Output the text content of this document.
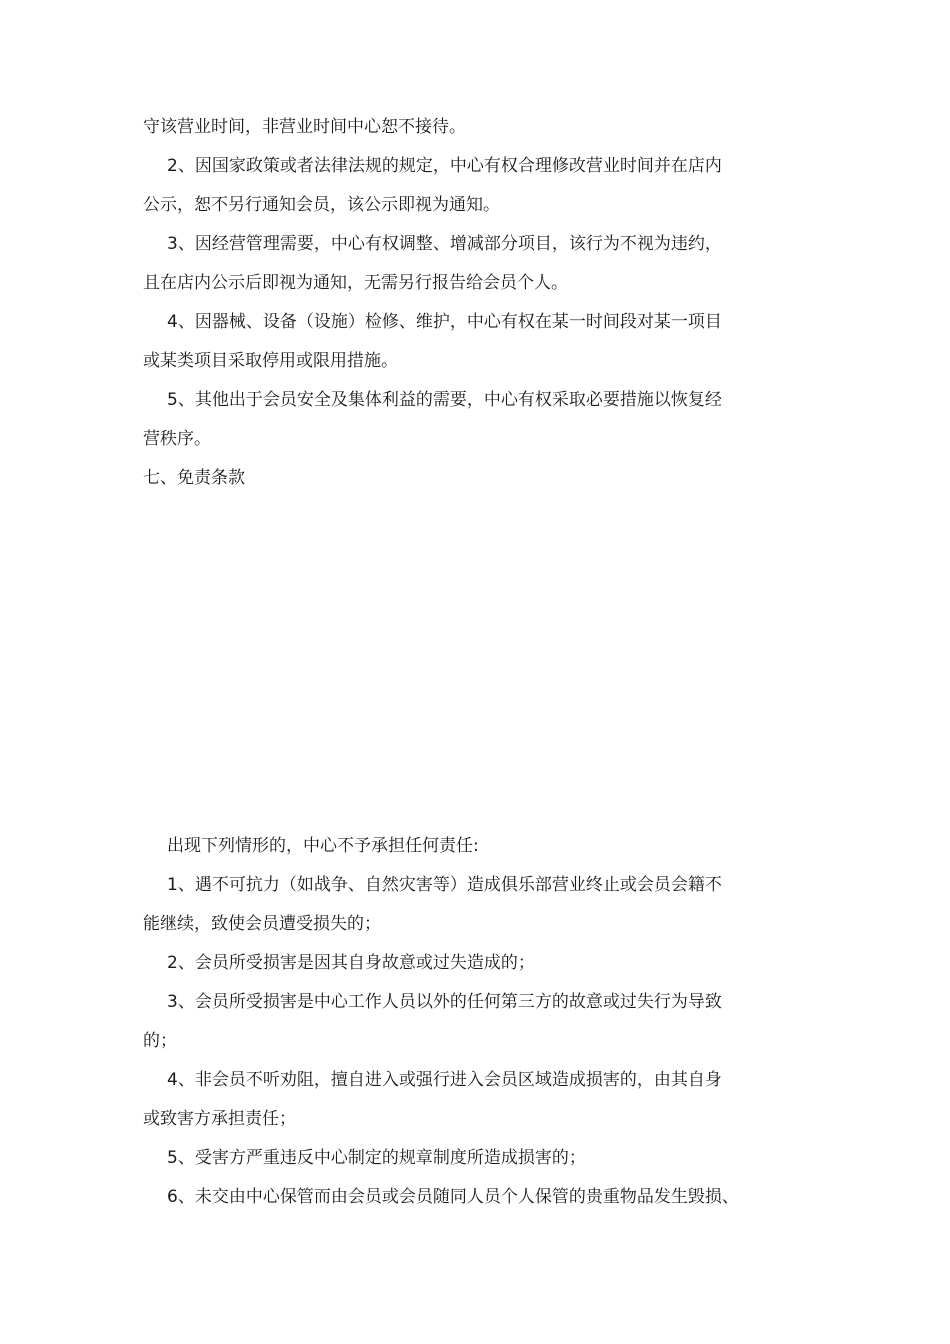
守该营业时间，非营业时间中心恕不接待。

2、因国家政策或者法律法规的规定，中心有权合理修改营业时间并在店内

公示，恕不另行通知会员，该公示即视为通知。

3、因经营管理需要，中心有权调整、增减部分项目，该行为不视为违约，

且在店内公示后即视为通知，无需另行报告给会员个人。

4、因器械、设备（设施）检修、维护，中心有权在某一时间段对某一项目

或某类项目采取停用或限用措施。

5、其他出于会员安全及集体利益的需要，中心有权采取必要措施以恢复经

营秩序。

七、免责条款

出现下列情形的，中心不予承担任何责任:

1、遇不可抗力（如战争、自然灾害等）造成俱乐部营业终止或会员会籍不

能继续，致使会员遭受损失的；

2、会员所受损害是因其自身故意或过失造成的；

3、会员所受损害是中心工作人员以外的任何第三方的故意或过失行为导致

的；

4、非会员不听劝阻，擅自进入或强行进入会员区域造成损害的，由其自身

或致害方承担责任；

5、受害方严重违反中心制定的规章制度所造成损害的；

6、未交由中心保管而由会员或会员随同人员个人保管的贵重物品发生毁损、
